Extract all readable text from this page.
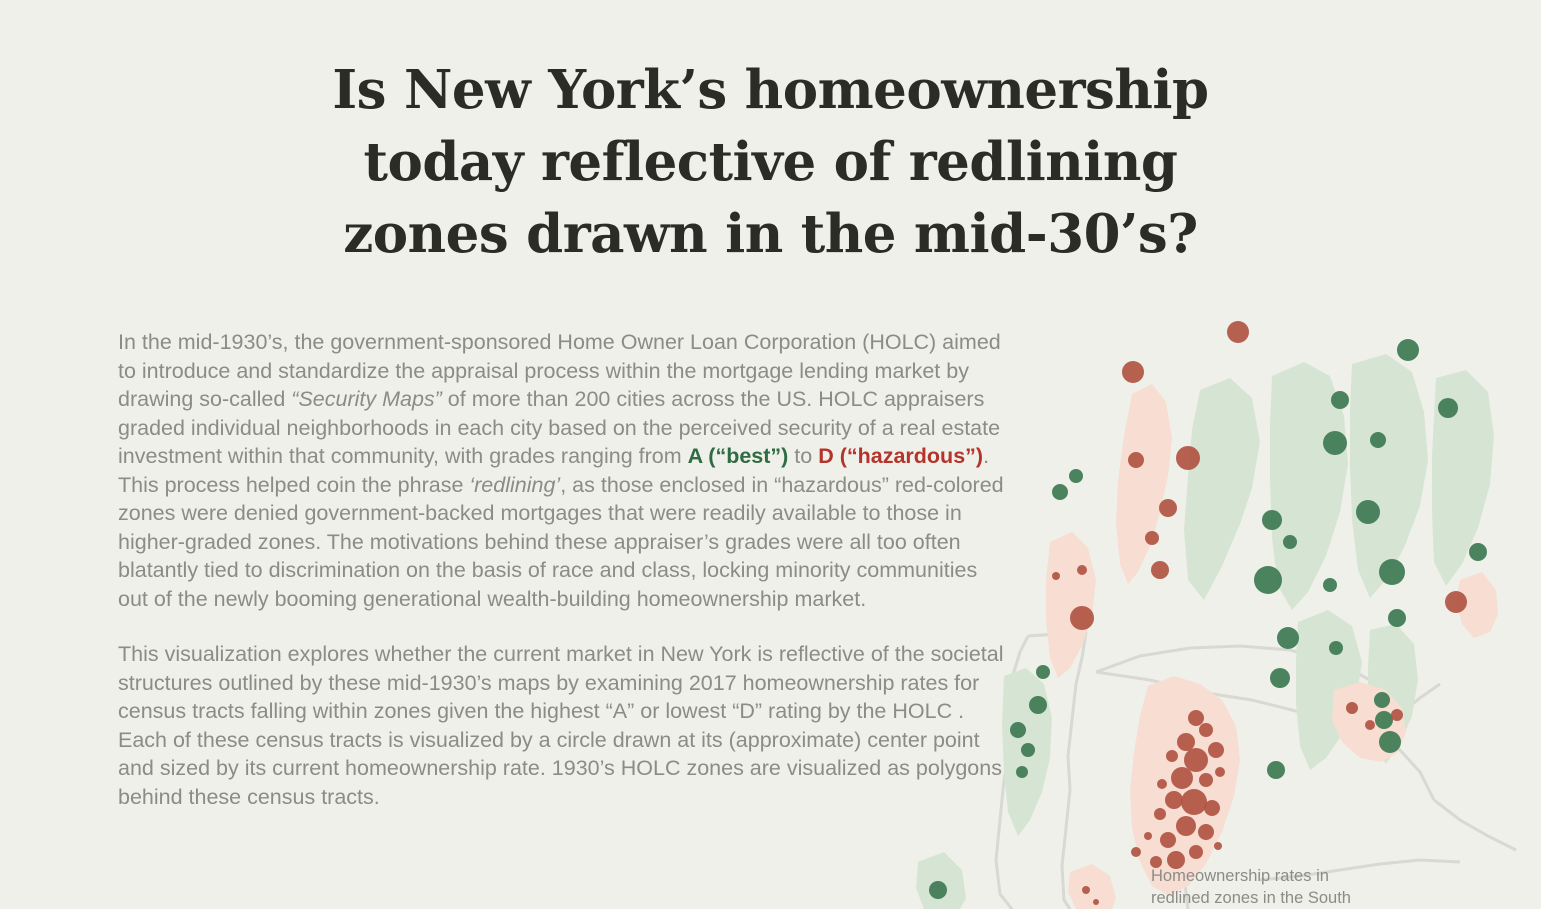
Is New York’s homeownership
today reflective of redlining
zones drawn in the mid-30’s?

In the mid-1930’s, the government-sponsored Home Owner Loan Corporation (HOLC) aimed to introduce and standardize the appraisal process within the mortgage lending market by drawing so-called “Security Maps” of more than 200 cities across the US. HOLC appraisers graded individual neighborhoods in each city based on the perceived security of a real estate investment within that community, with grades ranging from A (“best”) to D (“hazardous”). This process helped coin the phrase ‘redlining’, as those enclosed in “hazardous” red-colored zones were denied government-backed mortgages that were readily available to those in higher-graded zones. The motivations behind these appraiser’s grades were all too often blatantly tied to discrimination on the basis of race and class, locking minority communities out of the newly booming generational wealth-building homeownership market.

This visualization explores whether the current market in New York is reflective of the societal structures outlined by these mid-1930’s maps by examining 2017 homeownership rates for census tracts falling within zones given the highest “A” or lowest “D” rating by the HOLC . Each of these census tracts is visualized by a circle drawn at its (approximate) center point and sized by its current homeownership rate. 1930’s HOLC zones are visualized as polygons behind these census tracts.

Homeownership rates in redlined zones in the South
